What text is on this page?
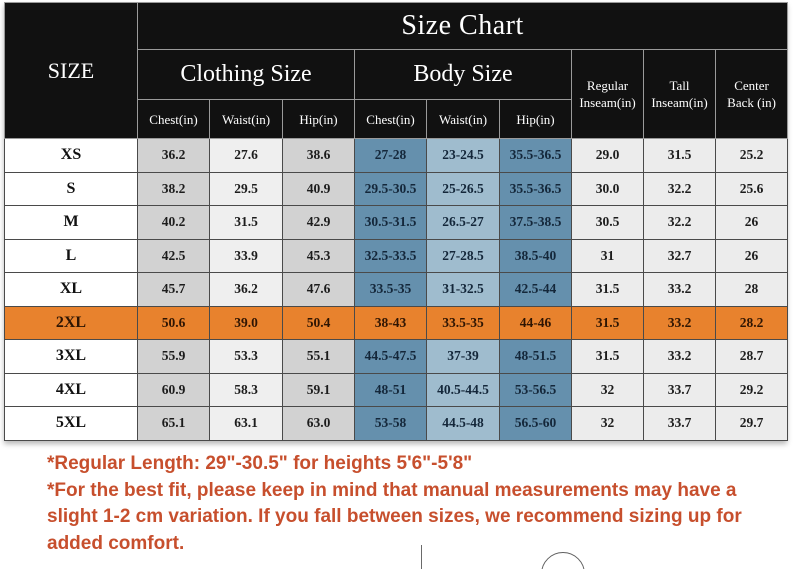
SIZE	Size Chart								
	Clothing Size			Body Size			Regular Inseam(in)	Tall Inseam(in)	Center Back (in)
	Chest(in)	Waist(in)	Hip(in)	Chest(in)	Waist(in)	Hip(in)			
XS	36.2	27.6	38.6	27-28	23-24.5	35.5-36.5	29.0	31.5	25.2
S	38.2	29.5	40.9	29.5-30.5	25-26.5	35.5-36.5	30.0	32.2	25.6
M	40.2	31.5	42.9	30.5-31.5	26.5-27	37.5-38.5	30.5	32.2	26
L	42.5	33.9	45.3	32.5-33.5	27-28.5	38.5-40	31	32.7	26
XL	45.7	36.2	47.6	33.5-35	31-32.5	42.5-44	31.5	33.2	28
2XL	50.6	39.0	50.4	38-43	33.5-35	44-46	31.5	33.2	28.2
3XL	55.9	53.3	55.1	44.5-47.5	37-39	48-51.5	31.5	33.2	28.7
4XL	60.9	58.3	59.1	48-51	40.5-44.5	53-56.5	32	33.7	29.2
5XL	65.1	63.1	63.0	53-58	44.5-48	56.5-60	32	33.7	29.7

*Regular Length: 29"-30.5" for heights 5'6"-5'8"

*For the best fit, please keep in mind that manual measurements may have a slight 1-2 cm variation. If you fall between sizes, we recommend sizing up for added comfort.
